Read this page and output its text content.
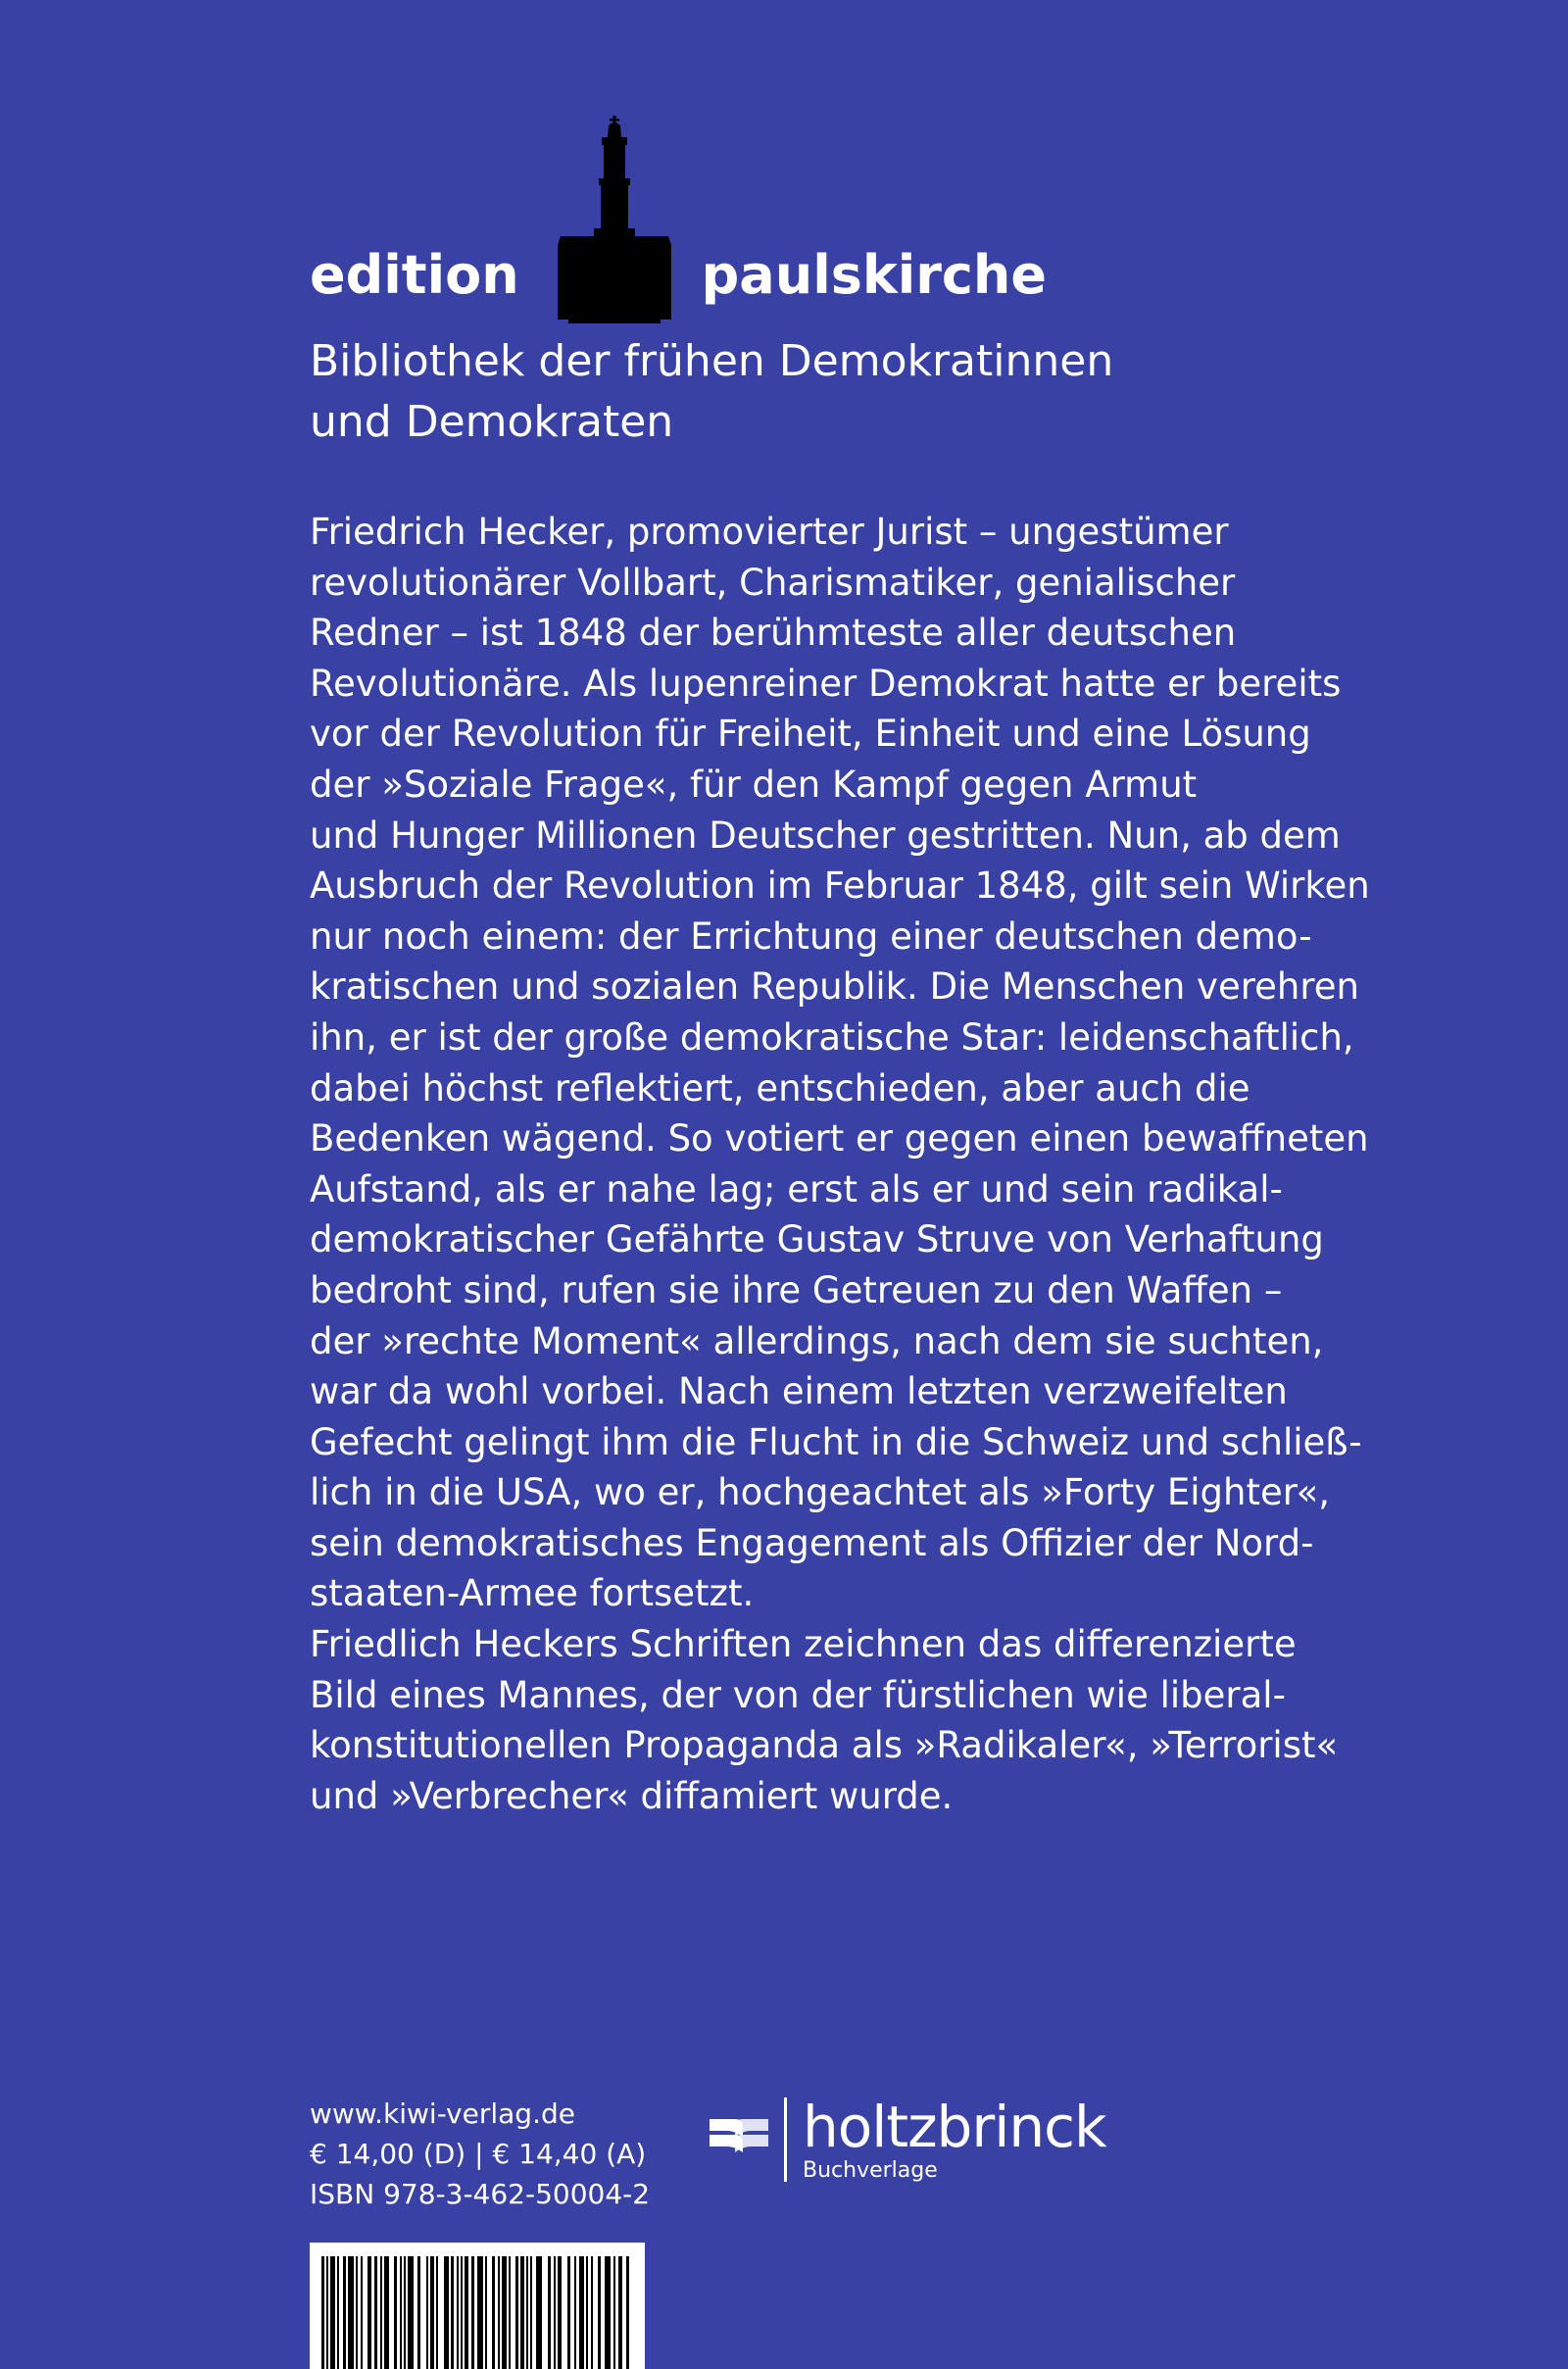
edition	paulskirche
Bibliothek der frühen Demokratinnen
und Demokraten
Friedrich Hecker, promovierter Jurist – ungestümer
revolutionärer Vollbart, Charismatiker, genialischer
Redner – ist 1848 der berühmteste aller deutschen
Revolutionäre. Als lupenreiner Demokrat hatte er bereits
vor der Revolution für Freiheit, Einheit und eine Lösung
der »Soziale Frage«, für den Kampf gegen Armut
und Hunger Millionen Deutscher gestritten. Nun, ab dem
Ausbruch der Revolution im Februar 1848, gilt sein Wirken
nur noch einem: der Errichtung einer deutschen demo-
kratischen und sozialen Republik. Die Menschen verehren
ihn, er ist der große demokratische Star: leidenschaftlich,
dabei höchst reflektiert, entschieden, aber auch die
Bedenken wägend. So votiert er gegen einen bewaffneten
Aufstand, als er nahe lag; erst als er und sein radikal-
demokratischer Gefährte Gustav Struve von Verhaftung
bedroht sind, rufen sie ihre Getreuen zu den Waffen –
der »rechte Moment« allerdings, nach dem sie suchten,
war da wohl vorbei. Nach einem letzten verzweifelten
Gefecht gelingt ihm die Flucht in die Schweiz und schließ-
lich in die USA, wo er, hochgeachtet als »Forty Eighter«,
sein demokratisches Engagement als Offizier der Nord-
staaten-Armee fortsetzt.
Friedlich Heckers Schriften zeichnen das differenzierte
Bild eines Mannes, der von der fürstlichen wie liberal-
konstitutionellen Propaganda als »Radikaler«, »Terrorist«
und »Verbrecher« diffamiert wurde.
www.kiwi-verlag.de
€ 14,00 (D) | € 14,40 (A)
ISBN 978-3-462-50004-2
holtzbrinck
Buchverlage
